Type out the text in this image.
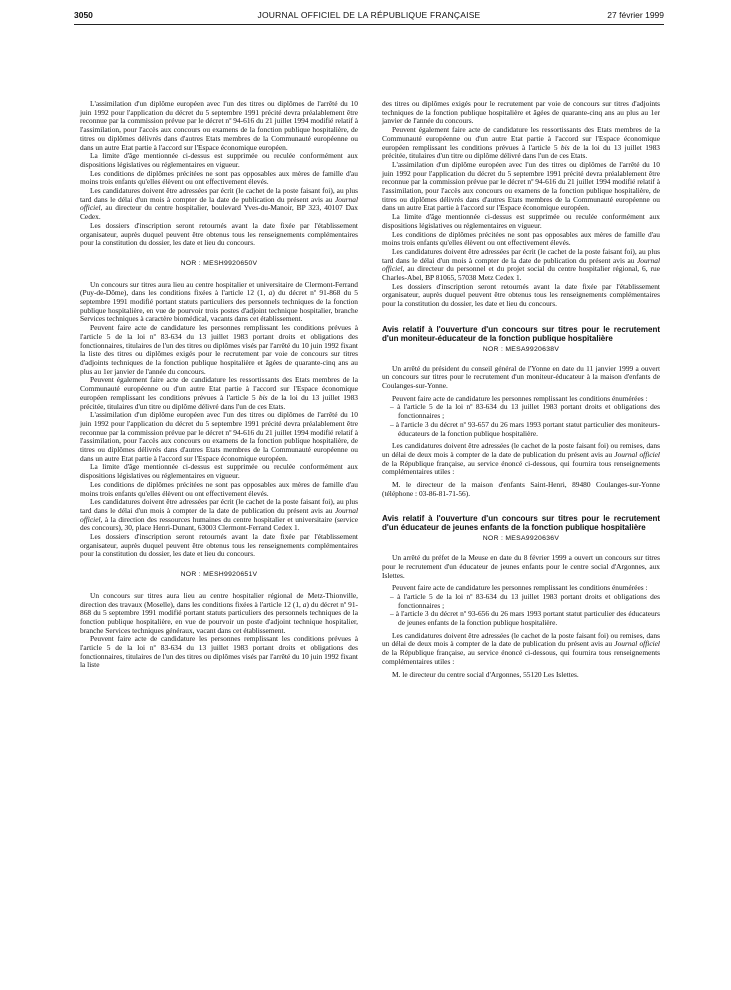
3050	JOURNAL OFFICIEL DE LA RÉPUBLIQUE FRANÇAISE	27 février 1999

L'assimilation d'un diplôme européen avec l'un des titres ou diplômes de l'arrêté du 10 juin 1992 pour l'application du décret du 5 septembre 1991 précité devra préalablement être reconnue par la commission prévue par le décret nº 94-616 du 21 juillet 1994 modifié relatif à l'assimilation, pour l'accès aux concours ou examens de la fonction publique hospitalière, de titres ou diplômes délivrés dans d'autres Etats membres de la Communauté européenne ou dans un autre Etat partie à l'accord sur l'Espace économique européen.

La limite d'âge mentionnée ci-dessus est supprimée ou reculée conformément aux dispositions législatives ou réglementaires en vigueur.

Les conditions de diplômes précitées ne sont pas opposables aux mères de famille d'au moins trois enfants qu'elles élèvent ou ont effectivement élevés.

Les candidatures doivent être adressées par écrit (le cachet de la poste faisant foi), au plus tard dans le délai d'un mois à compter de la date de publication du présent avis au Journal officiel, au directeur du centre hospitalier, boulevard Yves-du-Manoir, BP 323, 40107 Dax Cedex.

Les dossiers d'inscription seront retournés avant la date fixée par l'établissement organisateur, auprès duquel peuvent être obtenus tous les renseignements complémentaires pour la constitution du dossier, les date et lieu du concours.

NOR : MESH9920650V

Un concours sur titres aura lieu au centre hospitalier et universitaire de Clermont-Ferrand (Puy-de-Dôme), dans les conditions fixées à l'article 12 (1, a) du décret nº 91-868 du 5 septembre 1991 modifié portant statuts particuliers des personnels techniques de la fonction publique hospitalière, en vue de pourvoir trois postes d'adjoint technique hospitalier, branche Services techniques à caractère biomédical, vacants dans cet établissement.

Peuvent faire acte de candidature les personnes remplissant les conditions prévues à l'article 5 de la loi nº 83-634 du 13 juillet 1983 portant droits et obligations des fonctionnaires, titulaires de l'un des titres ou diplômes visés par l'arrêté du 10 juin 1992 fixant la liste des titres ou diplômes exigés pour le recrutement par voie de concours sur titres d'adjoints techniques de la fonction publique hospitalière et âgées de quarante-cinq ans au plus au 1er janvier de l'année du concours.

Peuvent également faire acte de candidature les ressortissants des Etats membres de la Communauté européenne ou d'un autre Etat partie à l'accord sur l'Espace économique européen remplissant les conditions prévues à l'article 5 bis de la loi du 13 juillet 1983 précitée, titulaires d'un titre ou diplôme délivré dans l'un de ces Etats.

L'assimilation d'un diplôme européen avec l'un des titres ou diplômes de l'arrêté du 10 juin 1992 pour l'application du décret du 5 septembre 1991 précité devra préalablement être reconnue par la commission prévue par le décret nº 94-616 du 21 juillet 1994 modifié relatif à l'assimilation, pour l'accès aux concours ou examens de la fonction publique hospitalière, de titres ou diplômes délivrés dans d'autres Etats membres de la Communauté européenne ou dans un autre Etat partie à l'accord sur l'Espace économique européen.

La limite d'âge mentionnée ci-dessus est supprimée ou reculée conformément aux dispositions législatives ou réglementaires en vigueur.

Les conditions de diplômes précitées ne sont pas opposables aux mères de famille d'au moins trois enfants qu'elles élèvent ou ont effectivement élevés.

Les candidatures doivent être adressées par écrit (le cachet de la poste faisant foi), au plus tard dans le délai d'un mois à compter de la date de publication du présent avis au Journal officiel, à la direction des ressources humaines du centre hospitalier et universitaire (service des concours), 30, place Henri-Dunant, 63003 Clermont-Ferrand Cedex 1.

Les dossiers d'inscription seront retournés avant la date fixée par l'établissement organisateur, auprès duquel peuvent être obtenus tous les renseignements complémentaires pour la constitution du dossier, les date et lieu du concours.

NOR : MESH9920651V

Un concours sur titres aura lieu au centre hospitalier régional de Metz-Thionville, direction des travaux (Moselle), dans les conditions fixées à l'article 12 (1, a) du décret nº 91-868 du 5 septembre 1991 modifié portant statuts particuliers des personnels techniques de la fonction publique hospitalière, en vue de pourvoir un poste d'adjoint technique hospitalier, branche Services techniques généraux, vacant dans cet établissement.

Peuvent faire acte de candidature les personnes remplissant les conditions prévues à l'article 5 de la loi nº 83-634 du 13 juillet 1983 portant droits et obligations des fonctionnaires, titulaires de l'un des titres ou diplômes visés par l'arrêté du 10 juin 1992 fixant la liste

des titres ou diplômes exigés pour le recrutement par voie de concours sur titres d'adjoints techniques de la fonction publique hospitalière et âgées de quarante-cinq ans au plus au 1er janvier de l'année du concours.

Peuvent également faire acte de candidature les ressortissants des Etats membres de la Communauté européenne ou d'un autre Etat partie à l'accord sur l'Espace économique européen remplissant les conditions prévues à l'article 5 bis de la loi du 13 juillet 1983 précitée, titulaires d'un titre ou diplôme délivré dans l'un de ces Etats.

L'assimilation d'un diplôme européen avec l'un des titres ou diplômes de l'arrêté du 10 juin 1992 pour l'application du décret du 5 septembre 1991 précité devra préalablement être reconnue par la commission prévue par le décret nº 94-616 du 21 juillet 1994 modifié relatif à l'assimilation, pour l'accès aux concours ou examens de la fonction publique hospitalière, de titres ou diplômes délivrés dans d'autres Etats membres de la Communauté européenne ou dans un autre Etat partie à l'accord sur l'Espace économique européen.

La limite d'âge mentionnée ci-dessus est supprimée ou reculée conformément aux dispositions législatives ou réglementaires en vigueur.

Les conditions de diplômes précitées ne sont pas opposables aux mères de famille d'au moins trois enfants qu'elles élèvent ou ont effectivement élevés.

Les candidatures doivent être adressées par écrit (le cachet de la poste faisant foi), au plus tard dans le délai d'un mois à compter de la date de publication du présent avis au Journal officiel, au directeur du personnel et du projet social du centre hospitalier régional, 6, rue Charles-Abel, BP 81065, 57038 Metz Cedex 1.

Les dossiers d'inscription seront retournés avant la date fixée par l'établissement organisateur, auprès duquel peuvent être obtenus tous les renseignements complémentaires pour la constitution du dossier, les date et lieu du concours.

Avis relatif à l'ouverture d'un concours sur titres pour le recrutement d'un moniteur-éducateur de la fonction publique hospitalière
NOR : MESA9920638V

Un arrêté du président du conseil général de l'Yonne en date du 11 janvier 1999 a ouvert un concours sur titres pour le recrutement d'un moniteur-éducateur à la maison d'enfants de Coulanges-sur-Yonne.

Peuvent faire acte de candidature les personnes remplissant les conditions énumérées :

– à l'article 5 de la loi nº 83-634 du 13 juillet 1983 portant droits et obligations des fonctionnaires ;
– à l'article 3 du décret nº 93-657 du 26 mars 1993 portant statut particulier des moniteurs-éducateurs de la fonction publique hospitalière.

Les candidatures doivent être adressées (le cachet de la poste faisant foi) ou remises, dans un délai de deux mois à compter de la date de publication du présent avis au Journal officiel de la République française, au service énoncé ci-dessous, qui fournira tous renseignements complémentaires utiles :

M. le directeur de la maison d'enfants Saint-Henri, 89480 Coulanges-sur-Yonne (téléphone : 03-86-81-71-56).

Avis relatif à l'ouverture d'un concours sur titres pour le recrutement d'un éducateur de jeunes enfants de la fonction publique hospitalière
NOR : MESA9920636V

Un arrêté du préfet de la Meuse en date du 8 février 1999 a ouvert un concours sur titres pour le recrutement d'un éducateur de jeunes enfants pour le centre social d'Argonnes, aux Islettes.

Peuvent faire acte de candidature les personnes remplissant les conditions énumérées :

– à l'article 5 de la loi nº 83-634 du 13 juillet 1983 portant droits et obligations des fonctionnaires ;
– à l'article 3 du décret nº 93-656 du 26 mars 1993 portant statut particulier des éducateurs de jeunes enfants de la fonction publique hospitalière.

Les candidatures doivent être adressées (le cachet de la poste faisant foi) ou remises, dans un délai de deux mois à compter de la date de publication du présent avis au Journal officiel de la République française, au service énoncé ci-dessous, qui fournira tous renseignements complémentaires utiles :

M. le directeur du centre social d'Argonnes, 55120 Les Islettes.
